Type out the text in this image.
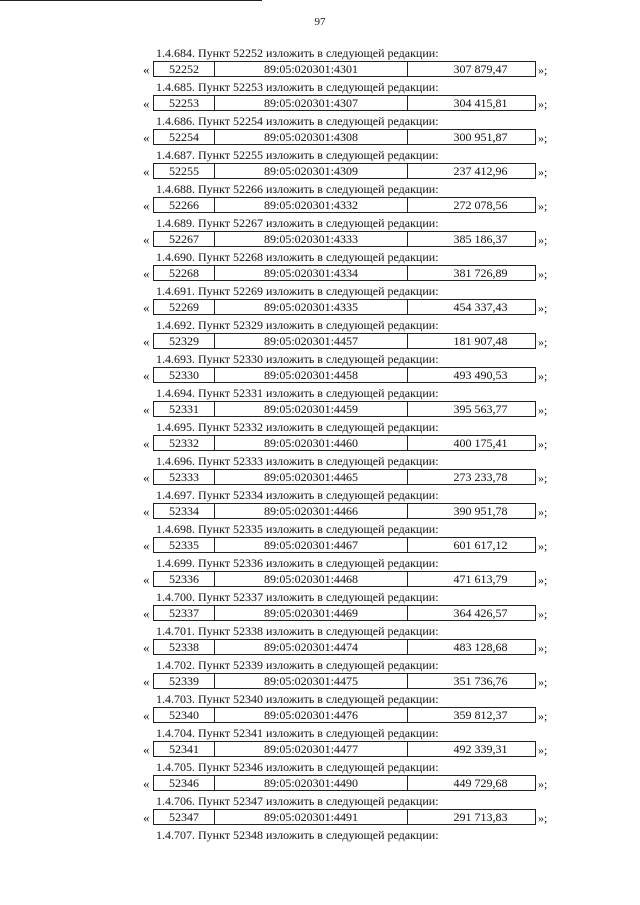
97
1.4.684. Пункт 52252 изложить в следующей редакции:
«	52252	89:05:020301:4301	307 879,47	»;
1.4.685. Пункт 52253 изложить в следующей редакции:
«	52253	89:05:020301:4307	304 415,81	»;
1.4.686. Пункт 52254 изложить в следующей редакции:
«	52254	89:05:020301:4308	300 951,87	»;
1.4.687. Пункт 52255 изложить в следующей редакции:
«	52255	89:05:020301:4309	237 412,96	»;
1.4.688. Пункт 52266 изложить в следующей редакции:
«	52266	89:05:020301:4332	272 078,56	»;
1.4.689. Пункт 52267 изложить в следующей редакции:
«	52267	89:05:020301:4333	385 186,37	»;
1.4.690. Пункт 52268 изложить в следующей редакции:
«	52268	89:05:020301:4334	381 726,89	»;
1.4.691. Пункт 52269 изложить в следующей редакции:
«	52269	89:05:020301:4335	454 337,43	»;
1.4.692. Пункт 52329 изложить в следующей редакции:
«	52329	89:05:020301:4457	181 907,48	»;
1.4.693. Пункт 52330 изложить в следующей редакции:
«	52330	89:05:020301:4458	493 490,53	»;
1.4.694. Пункт 52331 изложить в следующей редакции:
«	52331	89:05:020301:4459	395 563,77	»;
1.4.695. Пункт 52332 изложить в следующей редакции:
«	52332	89:05:020301:4460	400 175,41	»;
1.4.696. Пункт 52333 изложить в следующей редакции:
«	52333	89:05:020301:4465	273 233,78	»;
1.4.697. Пункт 52334 изложить в следующей редакции:
«	52334	89:05:020301:4466	390 951,78	»;
1.4.698. Пункт 52335 изложить в следующей редакции:
«	52335	89:05:020301:4467	601 617,12	»;
1.4.699. Пункт 52336 изложить в следующей редакции:
«	52336	89:05:020301:4468	471 613,79	»;
1.4.700. Пункт 52337 изложить в следующей редакции:
«	52337	89:05:020301:4469	364 426,57	»;
1.4.701. Пункт 52338 изложить в следующей редакции:
«	52338	89:05:020301:4474	483 128,68	»;
1.4.702. Пункт 52339 изложить в следующей редакции:
«	52339	89:05:020301:4475	351 736,76	»;
1.4.703. Пункт 52340 изложить в следующей редакции:
«	52340	89:05:020301:4476	359 812,37	»;
1.4.704. Пункт 52341 изложить в следующей редакции:
«	52341	89:05:020301:4477	492 339,31	»;
1.4.705. Пункт 52346 изложить в следующей редакции:
«	52346	89:05:020301:4490	449 729,68	»;
1.4.706. Пункт 52347 изложить в следующей редакции:
«	52347	89:05:020301:4491	291 713,83	»;
1.4.707. Пункт 52348 изложить в следующей редакции:
